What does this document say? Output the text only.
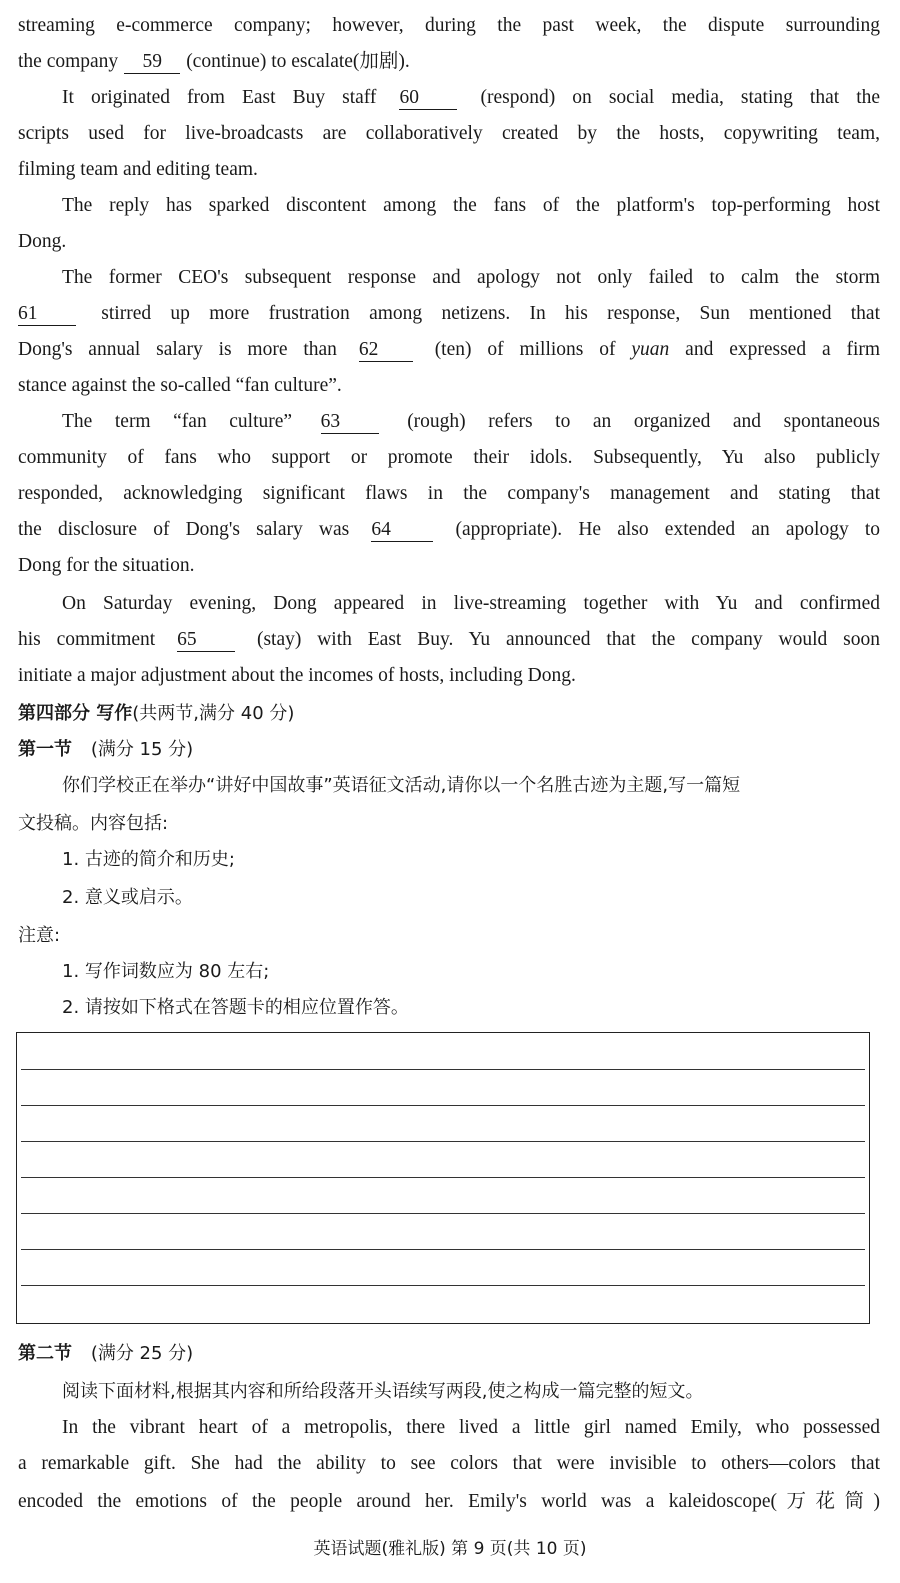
streaming e-commerce company; however, during the past week, the dispute surrounding
the company 59 (continue) to escalate(加剧).
It originated from East Buy staff 60	(respond) on social media, stating that the
scripts used for live-broadcasts are collaboratively created by the hosts, copywriting team,
filming team and editing team.
The reply has sparked discontent among the fans of the platform's top-performing host
Dong.
The former CEO's subsequent response and apology not only failed to calm the storm
61	stirred up more frustration among netizens. In his response, Sun mentioned that
Dong's annual salary is more than 62	(ten) of millions of yuan and expressed a firm
stance against the so-called “fan culture”.
The term “fan culture” 63	(rough) refers to an organized and spontaneous
community of fans who support or promote their idols. Subsequently, Yu also publicly
responded, acknowledging significant flaws in the company's management and stating that
the disclosure of Dong's salary was 64	(appropriate). He also extended an apology to
Dong for the situation.
On Saturday evening, Dong appeared in live-streaming together with Yu and confirmed
his commitment 65	(stay) with East Buy. Yu announced that the company would soon
initiate a major adjustment about the incomes of hosts, including Dong.
第四部分 写作(共两节,满分 40 分)
第一节 (满分 15 分)
你们学校正在举办“讲好中国故事”英语征文活动,请你以一个名胜古迹为主题,写一篇短
文投稿。内容包括:
1. 古迹的简介和历史;
2. 意义或启示。
注意:
1. 写作词数应为 80 左右;
2. 请按如下格式在答题卡的相应位置作答。
第二节 (满分 25 分)
阅读下面材料,根据其内容和所给段落开头语续写两段,使之构成一篇完整的短文。
In the vibrant heart of a metropolis, there lived a little girl named Emily, who possessed
a remarkable gift. She had the ability to see colors that were invisible to others—colors that
encoded the emotions of the people around her. Emily's world was a kaleidoscope(万花筒)
英语试题(雅礼版) 第 9 页(共 10 页)
